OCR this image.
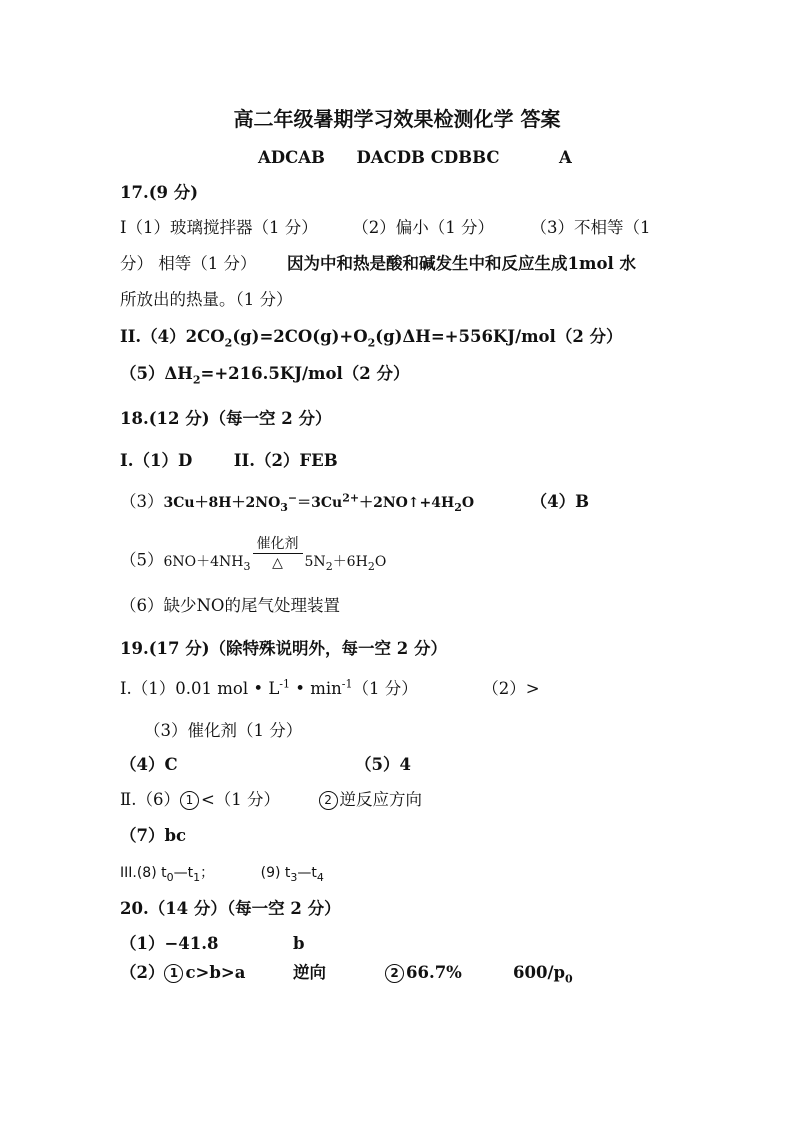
高二年级暑期学习效果检测化学 答案
ADCAB DACDB CDBBC	A
17.(9 分)
I（1）玻璃搅拌器（1 分） （2）偏小（1 分） （3）不相等（1
分） 相等（1 分） 因为中和热是酸和碱发生中和反应生成1mol 水
所放出的热量。（1 分）
$II.(4)2CO_2(g)=2CO(g)+O_2(g)\Delta H=+556KJ/mol(2$ 分）
$(5)\Delta H_2=+216.5KJ/mol(2$ 分）
18.(12 分)（每一空 2 分）
I.（1）D	II.（2）FEB
$(3)3Cu+8H+2NO_3^-=3Cu^{2+}+2NO↑+4H_2O$	（4）B
$(5)6NO+4NH_3 \frac{\text{催化剂}}{\triangle} 5N_2+6H_2O$
（6）缺少NO的尾气处理装置
19.(17 分)（除特殊说明外，每一空 2 分）
I.（1）0.01 mol • $L^{-1}$ • $\min^{-1}(1$ 分）	（2）>
（3）催化剂（1 分）
（4）C	（5）4
Ⅱ.（6） 1 <（1 分）	2 逆反应方向
（7）bc
III.(8) $t_0—t_1$；	(9) $t_3—t_4$
20.（14 分）（每一空 2 分）
（1）−41.8	b
（2） 1 c>b>a	逆向	2 66.7%	$600/p_0$
